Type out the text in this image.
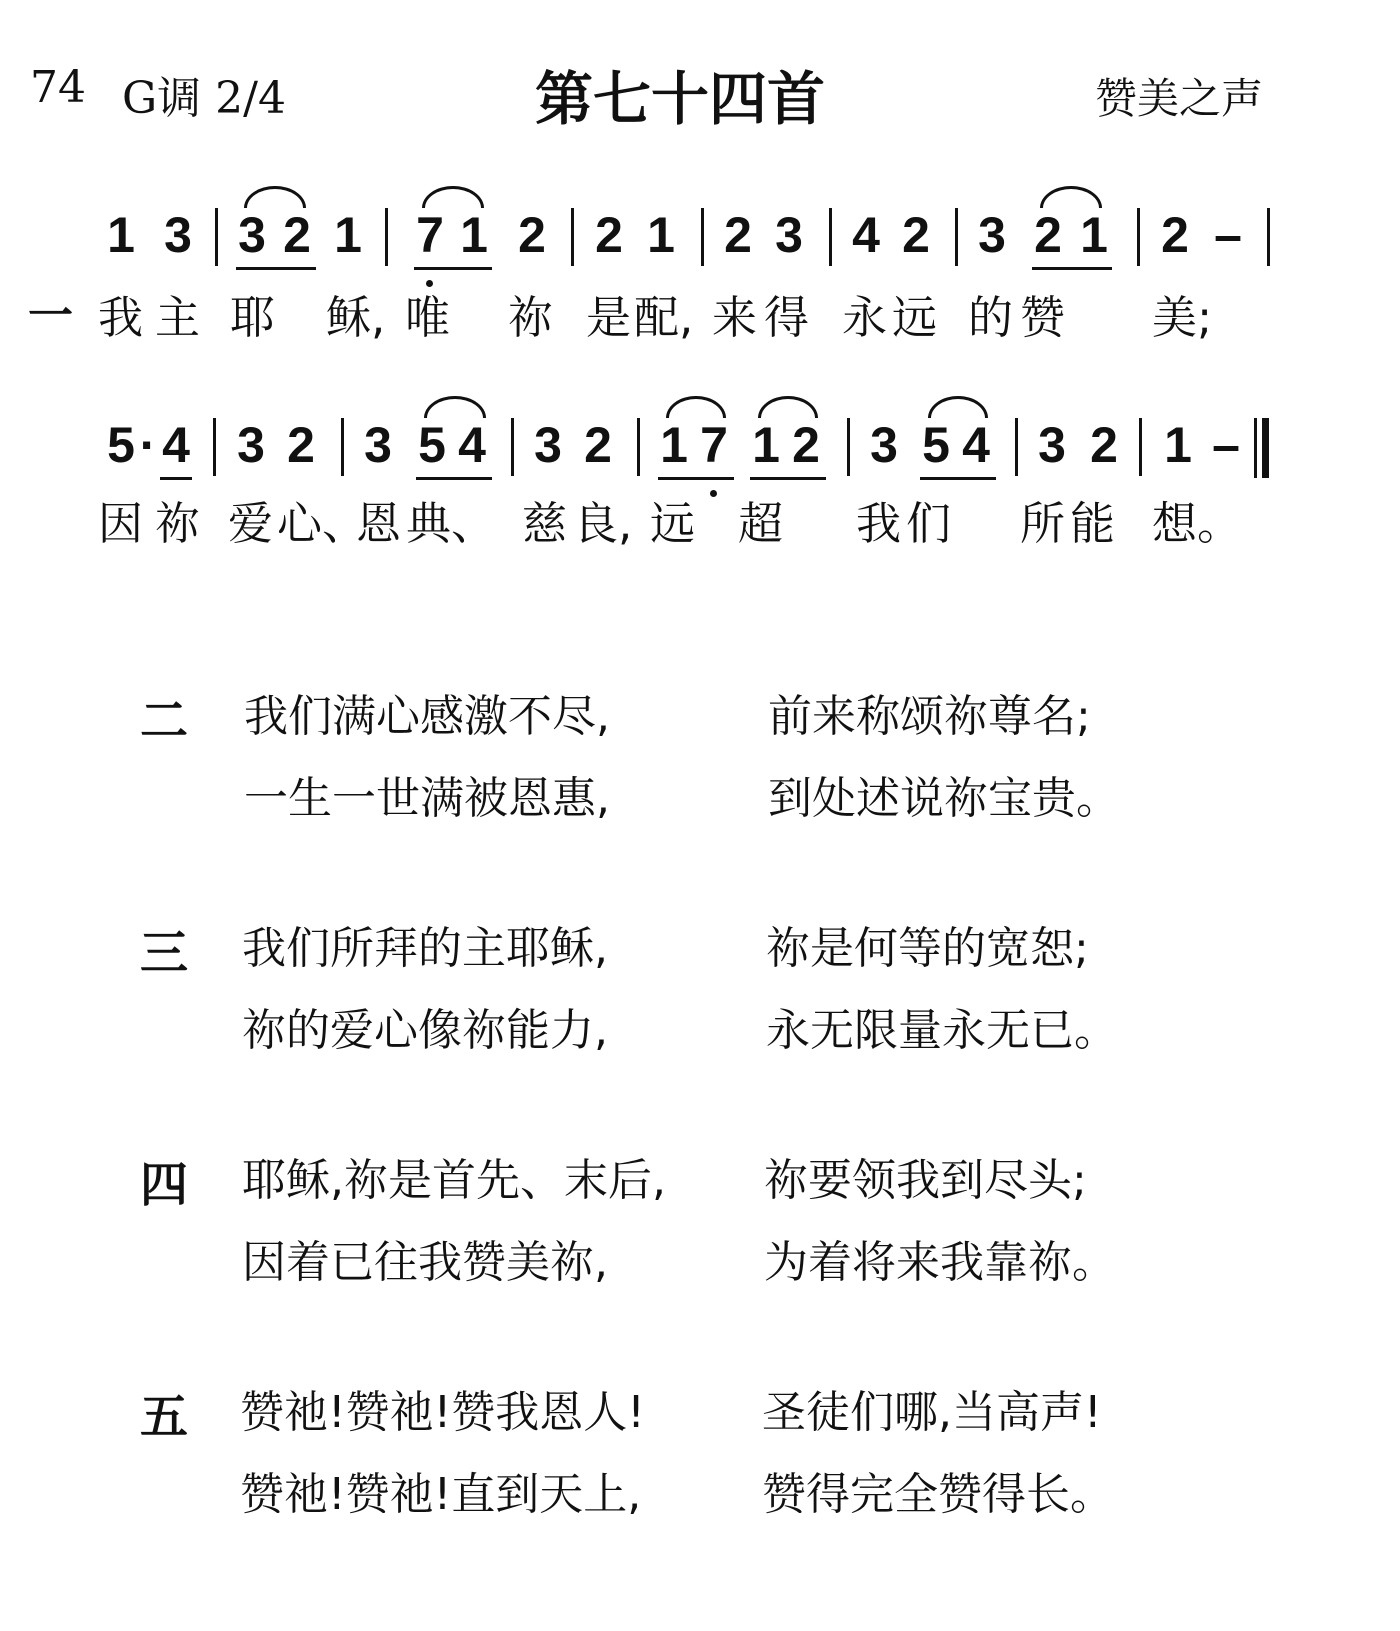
74 G调 2/4	第七十四首	赞美之声
1 3 3 2 1 7 1 2 2 1 2 3 4 2 3 2 1 2 –
一 我 主 耶 稣, 唯 祢 是 配, 来 得 永 远 的 赞 美;
5 · 4 3 2 3 5 4 3 2 1 7 1 2 3 5 4 3 2 1 –
因 祢 爱 心、
恩 典、 慈 良, 远 超 我 们 所 能 想。
二 我们满心感激不尽,	前来称颂祢尊名;
一生一世满被恩惠,	到处述说祢宝贵。
三 我们所拜的主耶稣,	祢是何等的宽恕;
祢的爱心像祢能力,	永无限量永无已。
四 耶稣,祢是首先、末后, 祢要领我到尽头;
因着已往我赞美祢,	为着将来我靠祢。
五 赞祂!赞祂!赞我恩人!	圣徒们哪,当高声!
赞祂!赞祂!直到天上,	赞得完全赞得长。
